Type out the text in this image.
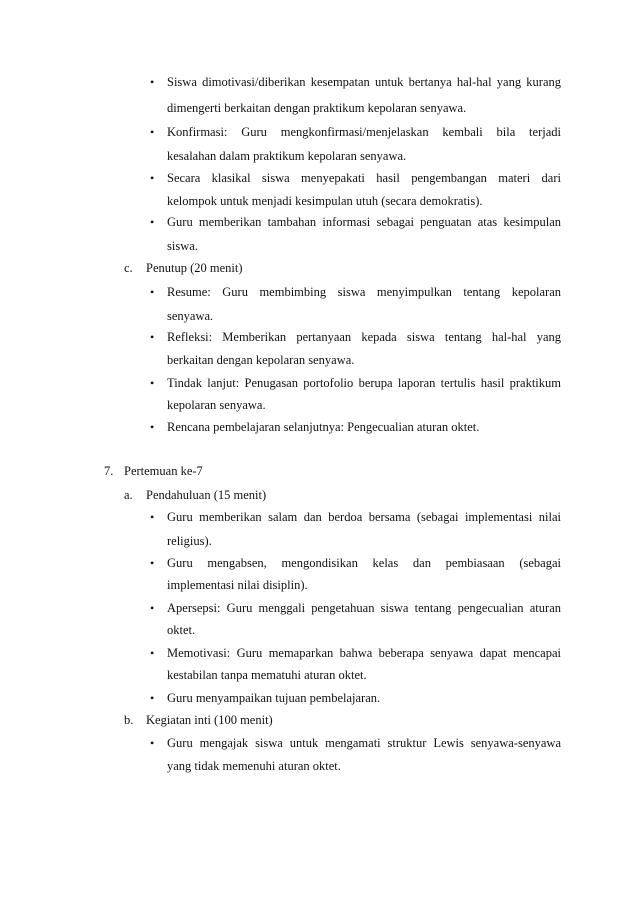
• Siswa dimotivasi/diberikan kesempatan untuk bertanya hal-hal yang kurang
dimengerti berkaitan dengan praktikum kepolaran senyawa.
• Konfirmasi: Guru mengkonfirmasi/menjelaskan kembali bila terjadi
kesalahan dalam praktikum kepolaran senyawa.
• Secara klasikal siswa menyepakati hasil pengembangan materi dari
kelompok untuk menjadi kesimpulan utuh (secara demokratis).
• Guru memberikan tambahan informasi sebagai penguatan atas kesimpulan
siswa.
c. Penutup (20 menit)
• Resume: Guru membimbing siswa menyimpulkan tentang kepolaran
senyawa.
• Refleksi: Memberikan pertanyaan kepada siswa tentang hal-hal yang
berkaitan dengan kepolaran senyawa.
• Tindak lanjut: Penugasan portofolio berupa laporan tertulis hasil praktikum
kepolaran senyawa.
• Rencana pembelajaran selanjutnya: Pengecualian aturan oktet.
7. Pertemuan ke-7
a. Pendahuluan (15 menit)
• Guru memberikan salam dan berdoa bersama (sebagai implementasi nilai
religius).
• Guru mengabsen, mengondisikan kelas dan pembiasaan (sebagai
implementasi nilai disiplin).
• Apersepsi: Guru menggali pengetahuan siswa tentang pengecualian aturan
oktet.
• Memotivasi: Guru memaparkan bahwa beberapa senyawa dapat mencapai
kestabilan tanpa mematuhi aturan oktet.
• Guru menyampaikan tujuan pembelajaran.
b. Kegiatan inti (100 menit)
• Guru mengajak siswa untuk mengamati struktur Lewis senyawa-senyawa
yang tidak memenuhi aturan oktet.
